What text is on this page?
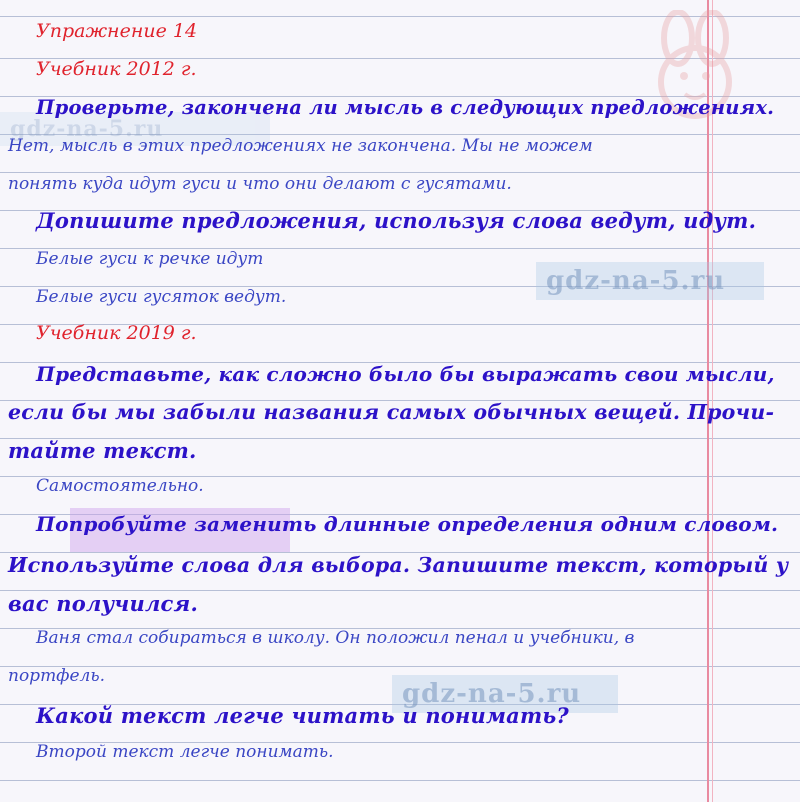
gdz-na-5.ru
gdz-na-5.ru
gdz-na-5.ru
Упражнение 14
Учебник 2012 г.
Проверьте, закончена ли мысль в следующих предложениях.
Нет, мысль в этих предложениях не закончена. Мы не можем
понять куда идут гуси и что они делают с гусятами.
Допишите предложения, используя слова ведут, идут.
Белые гуси к речке идут
Белые гуси гусяток ведут.
Учебник 2019 г.
Представьте, как сложно было бы выражать свои мысли,
если бы мы забыли названия самых обычных вещей. Прочи-
тайте текст.
Самостоятельно.
Попробуйте заменить длинные определения одним словом.
Используйте слова для выбора. Запишите текст, который у
вас получился.
Ваня стал собираться в школу. Он положил пенал и учебники, в
портфель.
Какой текст легче читать и понимать?
Второй текст легче понимать.
